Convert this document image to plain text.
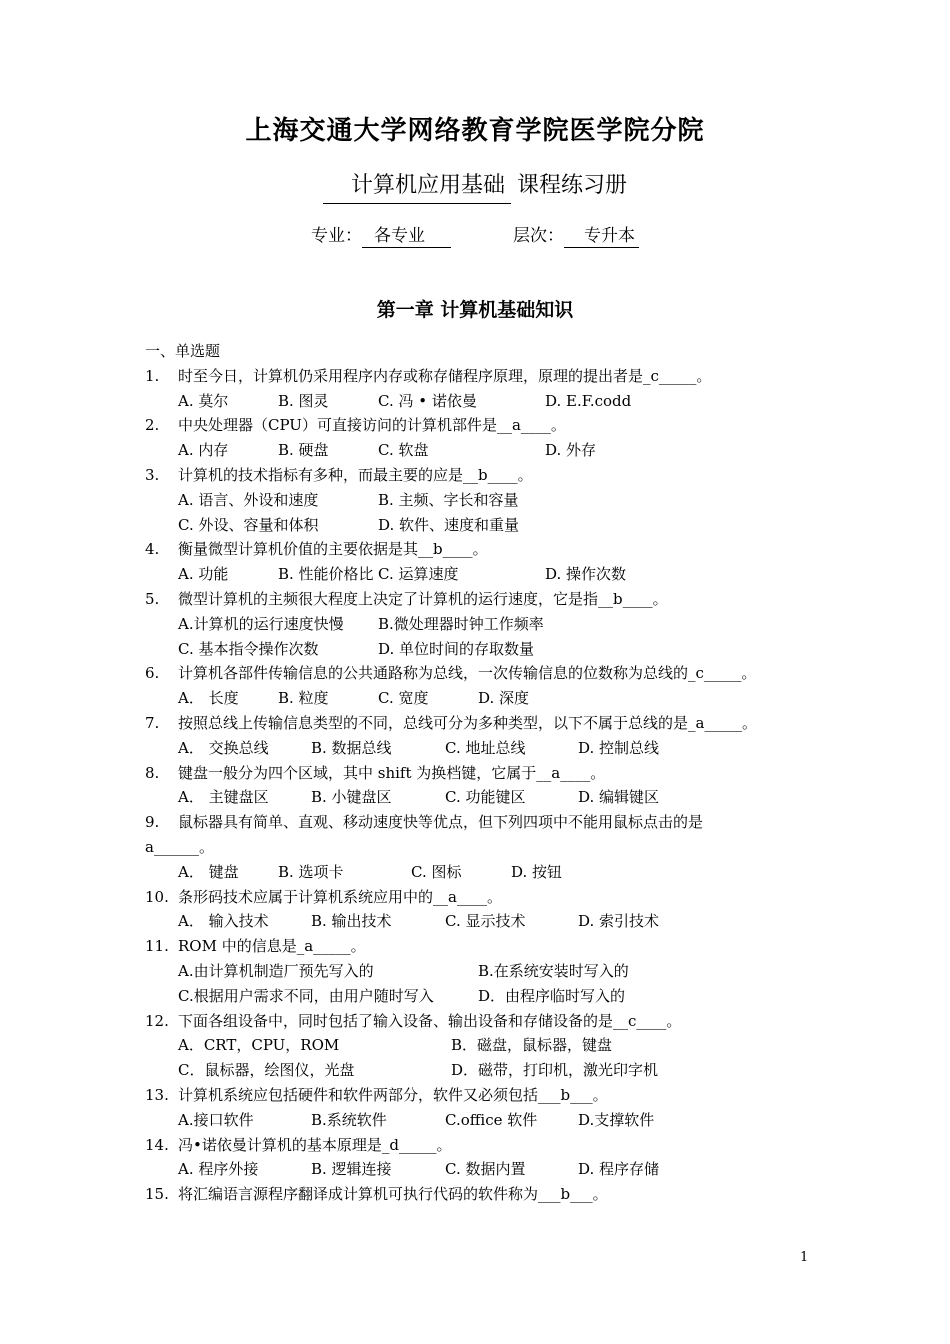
上海交通大学网络教育学院医学院分院
计算机应用基础 课程练习册
专业： 各专业	层次： 专升本
第一章 计算机基础知识
一、单选题
1. 时至今日，计算机仍采用程序内存或称存储程序原理，原理的提出者是_c_____。
A. 莫尔	B. 图灵	C. 冯 • 诺依曼	D. E.F.codd
2. 中央处理器（CPU）可直接访问的计算机部件是__a____。
A. 内存	B. 硬盘	C. 软盘	D. 外存
3. 计算机的技术指标有多种，而最主要的应是__b____。
A. 语言、外设和速度	B. 主频、字长和容量
C. 外设、容量和体积	D. 软件、速度和重量
4. 衡量微型计算机价值的主要依据是其__b____。
A. 功能	B. 性能价格比 C. 运算速度	D. 操作次数
5. 微型计算机的主频很大程度上决定了计算机的运行速度，它是指__b____。
A.计算机的运行速度快慢 B.微处理器时钟工作频率
C. 基本指令操作次数	D. 单位时间的存取数量
6. 计算机各部件传输信息的公共通路称为总线，一次传输信息的位数称为总线的_c_____。
A． 长度	B. 粒度	C. 宽度	D. 深度
7. 按照总线上传输信息类型的不同，总线可分为多种类型，以下不属于总线的是_a_____。
A． 交换总线	B. 数据总线	C. 地址总线	D. 控制总线
8. 键盘一般分为四个区域，其中 shift 为换档键，它属于__a____。
A． 主键盘区	B. 小键盘区	C. 功能键区	D. 编辑键区
9. 鼠标器具有简单、直观、移动速度快等优点，但下列四项中不能用鼠标点击的是
a______。
A． 键盘	B. 选项卡	C. 图标	D. 按钮
10. 条形码技术应属于计算机系统应用中的__a____。
A． 输入技术	B. 输出技术	C. 显示技术	D. 索引技术
11. ROM 中的信息是_a_____。
A.由计算机制造厂预先写入的	B.在系统安装时写入的
C.根据用户需求不同，由用户随时写入	D．由程序临时写入的
12. 下面各组设备中，同时包括了输入设备、输出设备和存储设备的是__c____。
A．CRT，CPU，ROM	B．磁盘，鼠标器，键盘
C．鼠标器，绘图仪，光盘	D．磁带，打印机，激光印字机
13. 计算机系统应包括硬件和软件两部分，软件又必须包括___b___。
A.接口软件	B.系统软件	C.office 软件	D.支撑软件
14. 冯•诺依曼计算机的基本原理是_d_____。
A. 程序外接	B. 逻辑连接	C. 数据内置	D. 程序存储
15. 将汇编语言源程序翻译成计算机可执行代码的软件称为___b___。
1
